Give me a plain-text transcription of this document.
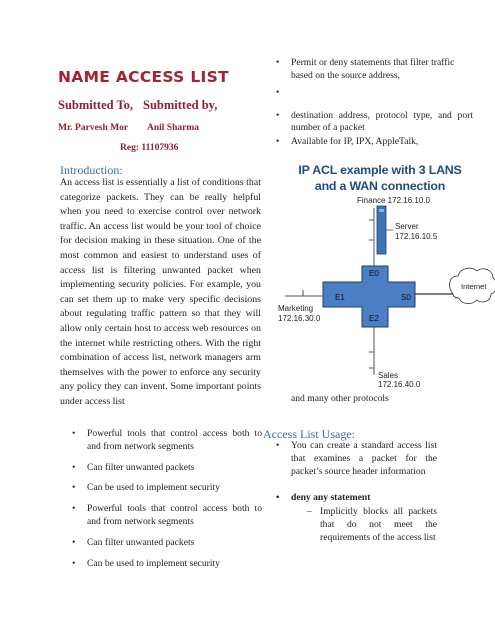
NAME ACCESS LIST
Submitted To, Submitted by,
Mr. Parvesh Mor Anil Sharma
Reg: 11107936
Introduction:
An access list is essentially a list of conditions that categorize packets. They can be really helpful when you need to exercise control over network traffic. An access list would be your tool of choice for decision making in these situation. One of the most common and easiest to understand uses of access list is filtering unwanted packet when implementing security policies. For example, you can set them up to make very specific decisions about regulating traffic pattern so that they will allow only certain host to access web resources on the internet while restricting others. With the right combination of access list, network managers arm themselves with the power to enforce any security any policy they can invent. Some important points under access list
• Powerful tools that control access both to and from network segments
• Can filter unwanted packets
• Can be used to implement security
• Powerful tools that control access both to and from network segments
• Can filter unwanted packets
• Can be used to implement security
• Permit or deny statements that filter traffic based on the source address,
•
• destination address, protocol type, and port number of a packet
• Available for IP, IPX, AppleTalk,
IP ACL example with 3 LANS and a WAN connection
Finance 172.16.10.0
Server
172.16.10.5
E0
E1	S0
E2
Marketing
172.16.30.0
Internet
Sales
172.16.40.0
and many other protocols
Access List Usage:
• You can create a standard access list that examines a packet for the packet’s source header information
• deny any statement
– Implicitly blocks all packets that do not meet the requirements of the access list
